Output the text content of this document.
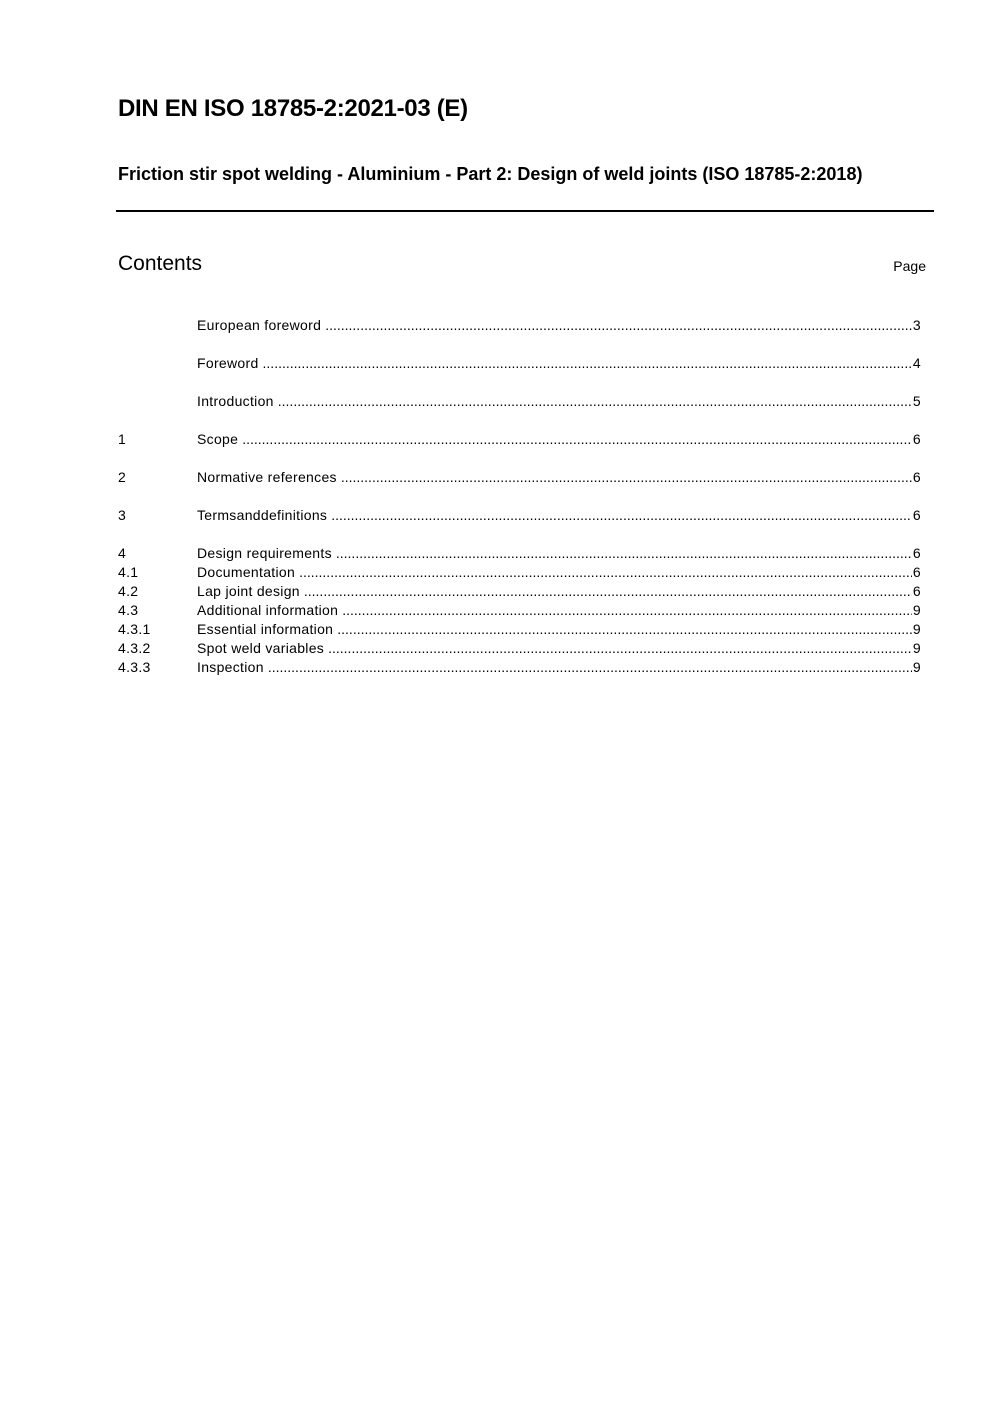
DIN EN ISO 18785-2:2021-03 (E)
Friction stir spot welding - Aluminium - Part 2: Design of weld joints (ISO 18785-2:2018)
Contents	Page
European foreword .....	3
Foreword .....	4
Introduction .....	5
1	Scope .....	6
2	Normative references .....	6
3	Termsanddefinitions .....	6
4	Design requirements .....	6
4.1	Documentation .....	6
4.2	Lap joint design .....	6
4.3	Additional information .....	9
4.3.1	Essential information .....	9
4.3.2	Spot weld variables .....	9
4.3.3	Inspection .....	9
